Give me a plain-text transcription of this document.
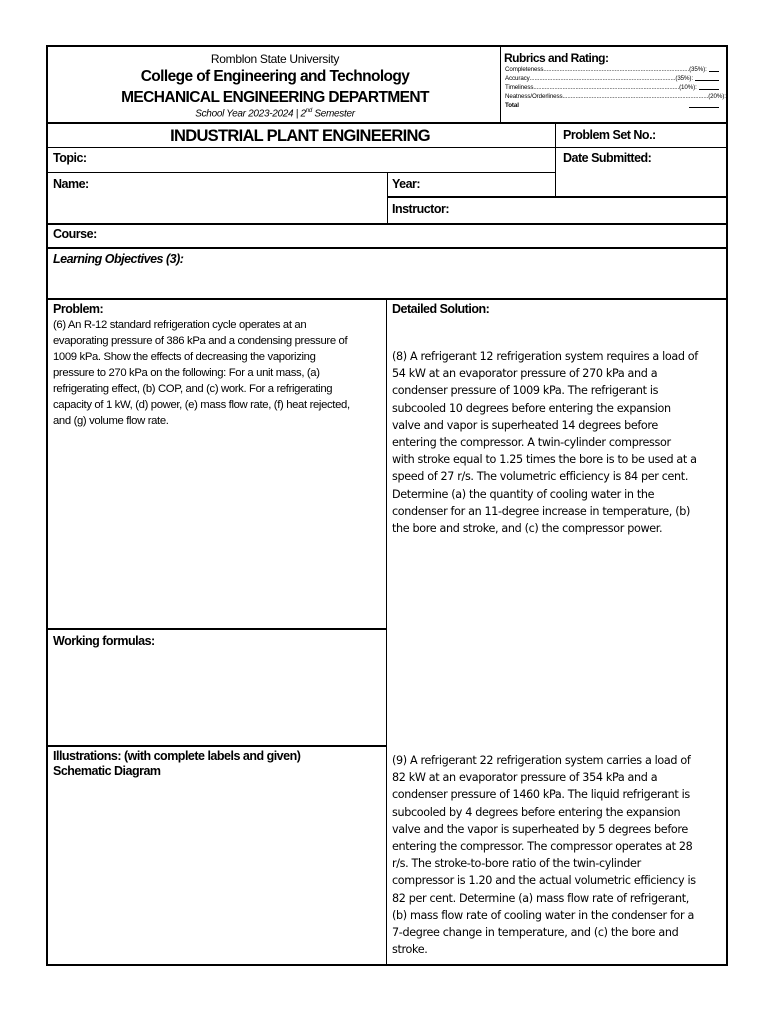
Romblon State University
College of Engineering and Technology
MECHANICAL ENGINEERING DEPARTMENT
School Year 2023-2024 | 2nd Semester
Rubrics and Rating:
Completeness .......................................................................................... (35%):
Accuracy .......................................................................................... (35%):
Timeliness .......................................................................................... (10%):
Neatness/Orderliness .......................................................................................... (20%):
Total
INDUSTRIAL PLANT ENGINEERING	Problem Set No.:
Topic:	Date Submitted:
Name:	Year:
Instructor:
Course:
Learning Objectives (3):
Problem:
(6) An R-12 standard refrigeration cycle operates at an
evaporating pressure of 386 kPa and a condensing pressure of
1009 kPa. Show the effects of decreasing the vaporizing
pressure to 270 kPa on the following: For a unit mass, (a)
refrigerating effect, (b) COP, and (c) work. For a refrigerating
capacity of 1 kW, (d) power, (e) mass flow rate, (f) heat rejected,
and (g) volume flow rate.
Working formulas:
Illustrations: (with complete labels and given)
Schematic Diagram
Detailed Solution:
(8) A refrigerant 12 refrigeration system requires a load of
54 kW at an evaporator pressure of 270 kPa and a
condenser pressure of 1009 kPa. The refrigerant is
subcooled 10 degrees before entering the expansion
valve and vapor is superheated 14 degrees before
entering the compressor. A twin-cylinder compressor
with stroke equal to 1.25 times the bore is to be used at a
speed of 27 r/s. The volumetric efficiency is 84 per cent.
Determine (a) the quantity of cooling water in the
condenser for an 11-degree increase in temperature, (b)
the bore and stroke, and (c) the compressor power.
(9) A refrigerant 22 refrigeration system carries a load of
82 kW at an evaporator pressure of 354 kPa and a
condenser pressure of 1460 kPa. The liquid refrigerant is
subcooled by 4 degrees before entering the expansion
valve and the vapor is superheated by 5 degrees before
entering the compressor. The compressor operates at 28
r/s. The stroke-to-bore ratio of the twin-cylinder
compressor is 1.20 and the actual volumetric efficiency is
82 per cent. Determine (a) mass flow rate of refrigerant,
(b) mass flow rate of cooling water in the condenser for a
7-degree change in temperature, and (c) the bore and
stroke.
